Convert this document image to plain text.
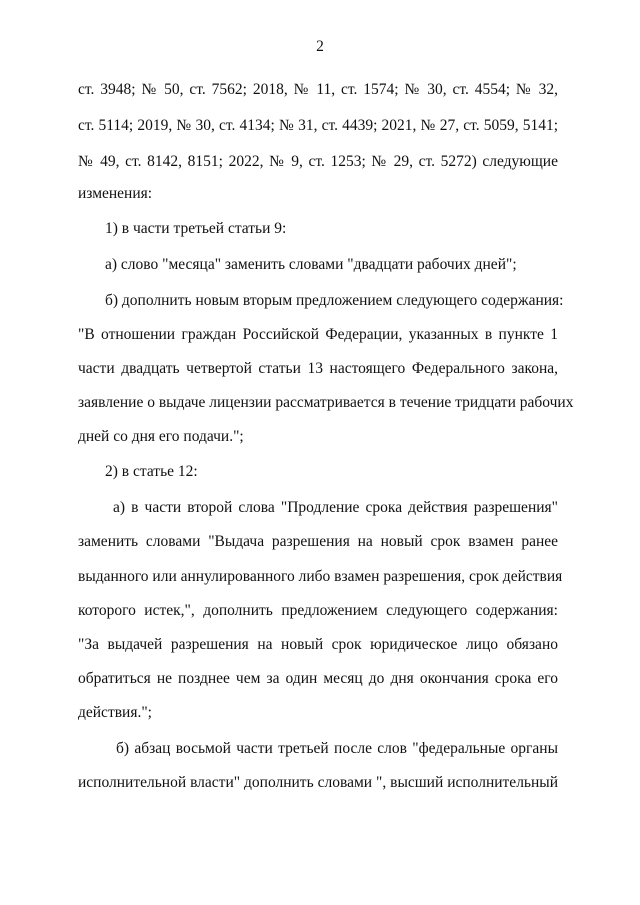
2
ст. 3948; № 50, ст. 7562; 2018, № 11, ст. 1574; № 30, ст. 4554; № 32,
ст. 5114; 2019, № 30, ст. 4134; № 31, ст. 4439; 2021, № 27, ст. 5059, 5141;
№ 49, ст. 8142, 8151; 2022, № 9, ст. 1253; № 29, ст. 5272) следующие
изменения:
1) в части третьей статьи 9:
а) слово "месяца" заменить словами "двадцати рабочих дней";
б) дополнить новым вторым предложением следующего содержания:
"В отношении граждан Российской Федерации, указанных в пункте 1
части двадцать четвертой статьи 13 настоящего Федерального закона,
заявление о выдаче лицензии рассматривается в течение тридцати рабочих
дней со дня его подачи.";
2) в статье 12:
а) в части второй слова "Продление срока действия разрешения"
заменить словами "Выдача разрешения на новый срок взамен ранее
выданного или аннулированного либо взамен разрешения, срок действия
которого истек,", дополнить предложением следующего содержания:
"За выдачей разрешения на новый срок юридическое лицо обязано
обратиться не позднее чем за один месяц до дня окончания срока его
действия.";
б) абзац восьмой части третьей после слов "федеральные органы
исполнительной власти" дополнить словами ", высший исполнительный
